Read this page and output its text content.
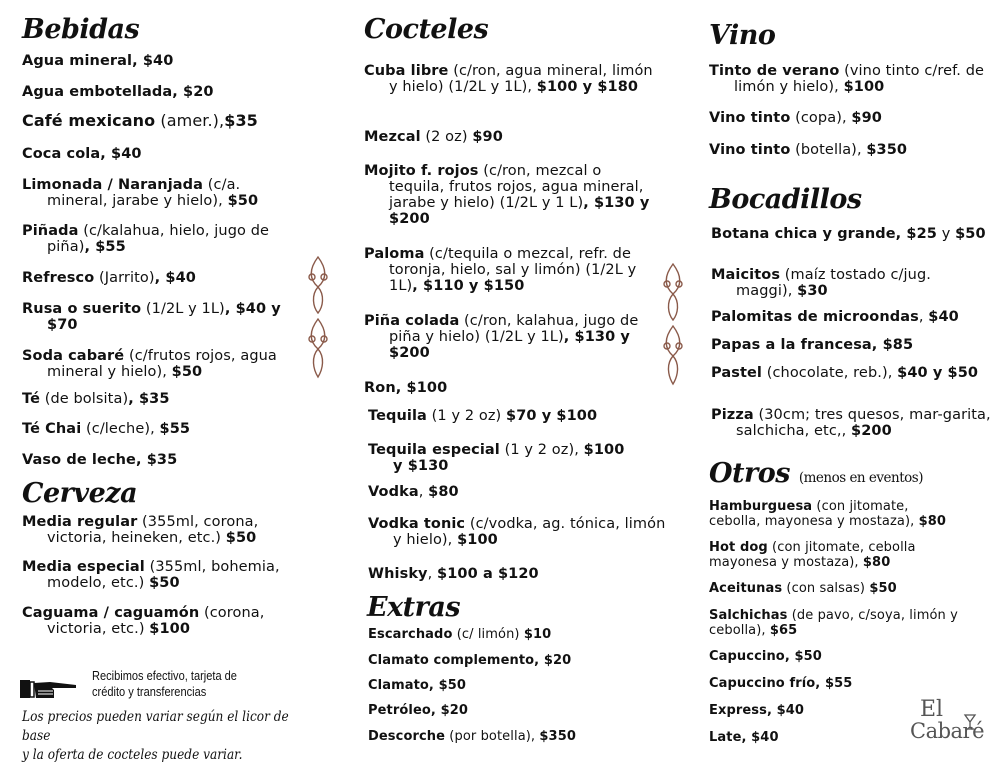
Bebidas
Agua mineral, $40
Agua embotellada, $20
Café mexicano (amer.),$35
Coca cola, $40
Limonada / Naranjada (c/a. mineral, jarabe y hielo), $50
Piñada (c/kalahua, hielo, jugo de piña), $55
Refresco (Jarrito), $40
Rusa o suerito (1/2L y 1L), $40 y $70
Soda cabaré (c/frutos rojos, agua mineral y hielo), $50
Té (de bolsita), $35
Té Chai (c/leche), $55
Vaso de leche, $35
Cerveza
Media regular (355ml, corona, victoria, heineken, etc.) $50
Media especial (355ml, bohemia, modelo, etc.) $50
Caguama / caguamón (corona, victoria, etc.) $100
Recibimos efectivo, tarjeta de
crédito y transferencias
Los precios pueden variar según el licor de base
y la oferta de cocteles puede variar.
Cocteles
Cuba libre (c/ron, agua mineral, limón y hielo) (1/2L y 1L), $100 y $180
Mezcal (2 oz) $90
Mojito f. rojos (c/ron, mezcal o tequila, frutos rojos, agua mineral, jarabe y hielo) (1/2L y 1 L), $130 y $200
Paloma (c/tequila o mezcal, refr. de toronja, hielo, sal y limón) (1/2L y 1L), $110 y $150
Piña colada (c/ron, kalahua, jugo de piña y hielo) (1/2L y 1L), $130 y $200
Ron, $100
Tequila (1 y 2 oz) $70 y $100
Tequila especial (1 y 2 oz), $100 y $130
Vodka, $80
Vodka tonic (c/vodka, ag. tónica, limón y hielo), $100
Whisky, $100 a $120
Extras
Escarchado (c/ limón) $10
Clamato complemento, $20
Clamato, $50
Petróleo, $20
Descorche (por botella), $350
Vino
Tinto de verano (vino tinto c/ref. de limón y hielo), $100
Vino tinto (copa), $90
Vino tinto (botella), $350
Bocadillos
Botana chica y grande, $25 y $50
Maicitos (maíz tostado c/jug. maggi), $30
Palomitas de microondas, $40
Papas a la francesa, $85
Pastel (chocolate, reb.), $40 y $50
Pizza (30cm; tres quesos, mar-garita, salchicha, etc,, $200
Otros (menos en eventos)
Hamburguesa (con jitomate, cebolla, mayonesa y mostaza), $80
Hot dog (con jitomate, cebolla mayonesa y mostaza), $80
Aceitunas (con salsas) $50
Salchichas (de pavo, c/soya, limón y cebolla), $65
Capuccino, $50
Capuccino frío, $55
Express, $40
Late, $40
El
Cabaré
